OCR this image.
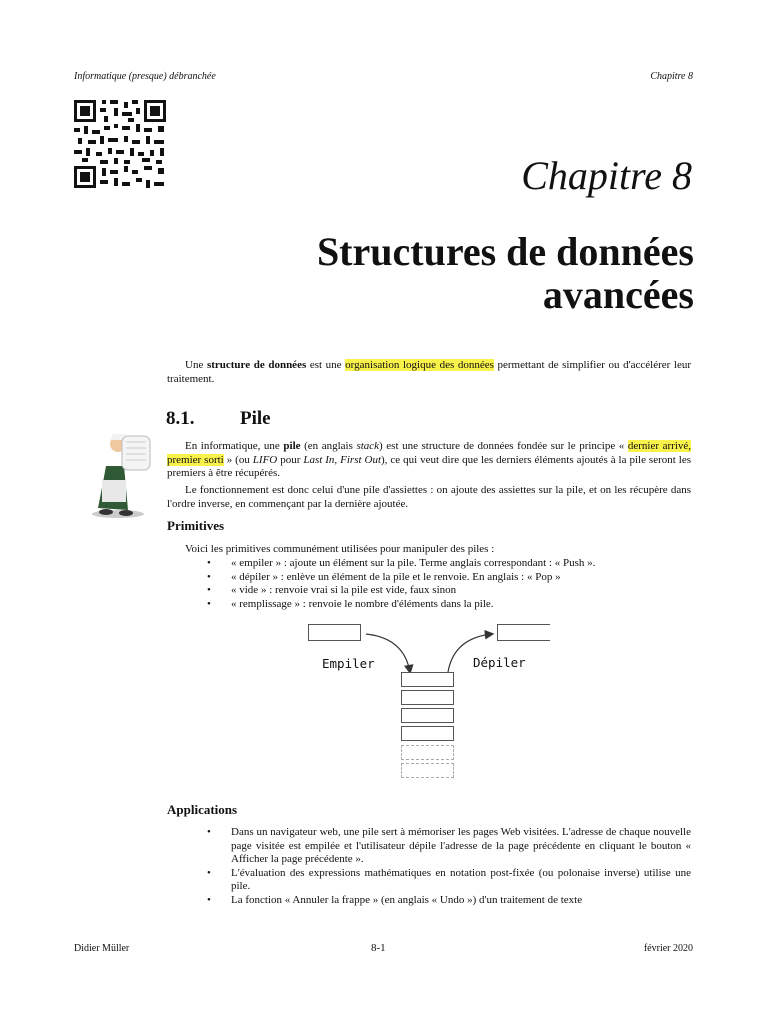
Informatique (presque) débranchée	Chapitre 8
Chapitre 8
Structures de données
avancées
Une structure de données est une organisation logique des données permettant de simplifier ou d'accélérer leur traitement.
8.1. Pile
En informatique, une pile (en anglais stack) est une structure de données fondée sur le principe « dernier arrivé, premier sorti » (ou LIFO pour Last In, First Out), ce qui veut dire que les derniers éléments ajoutés à la pile seront les premiers à être récupérés.
Le fonctionnement est donc celui d'une pile d'assiettes : on ajoute des assiettes sur la pile, et on les récupère dans l'ordre inverse, en commençant par la dernière ajoutée.
Primitives
Voici les primitives communément utilisées pour manipuler des piles :
• « empiler » : ajoute un élément sur la pile. Terme anglais correspondant : « Push ».
• « dépiler » : enlève un élément de la pile et le renvoie. En anglais : « Pop »
• « vide » : renvoie vrai si la pile est vide, faux sinon
• « remplissage » : renvoie le nombre d'éléments dans la pile.
Empiler	Dépiler
Applications
• Dans un navigateur web, une pile sert à mémoriser les pages Web visitées. L'adresse de chaque nouvelle page visitée est empilée et l'utilisateur dépile l'adresse de la page précédente en cliquant le bouton « Afficher la page précédente ».
• L'évaluation des expressions mathématiques en notation post-fixée (ou polonaise inverse) utilise une pile.
• La fonction « Annuler la frappe » (en anglais « Undo ») d'un traitement de texte
Didier Müller	8-1	février 2020
